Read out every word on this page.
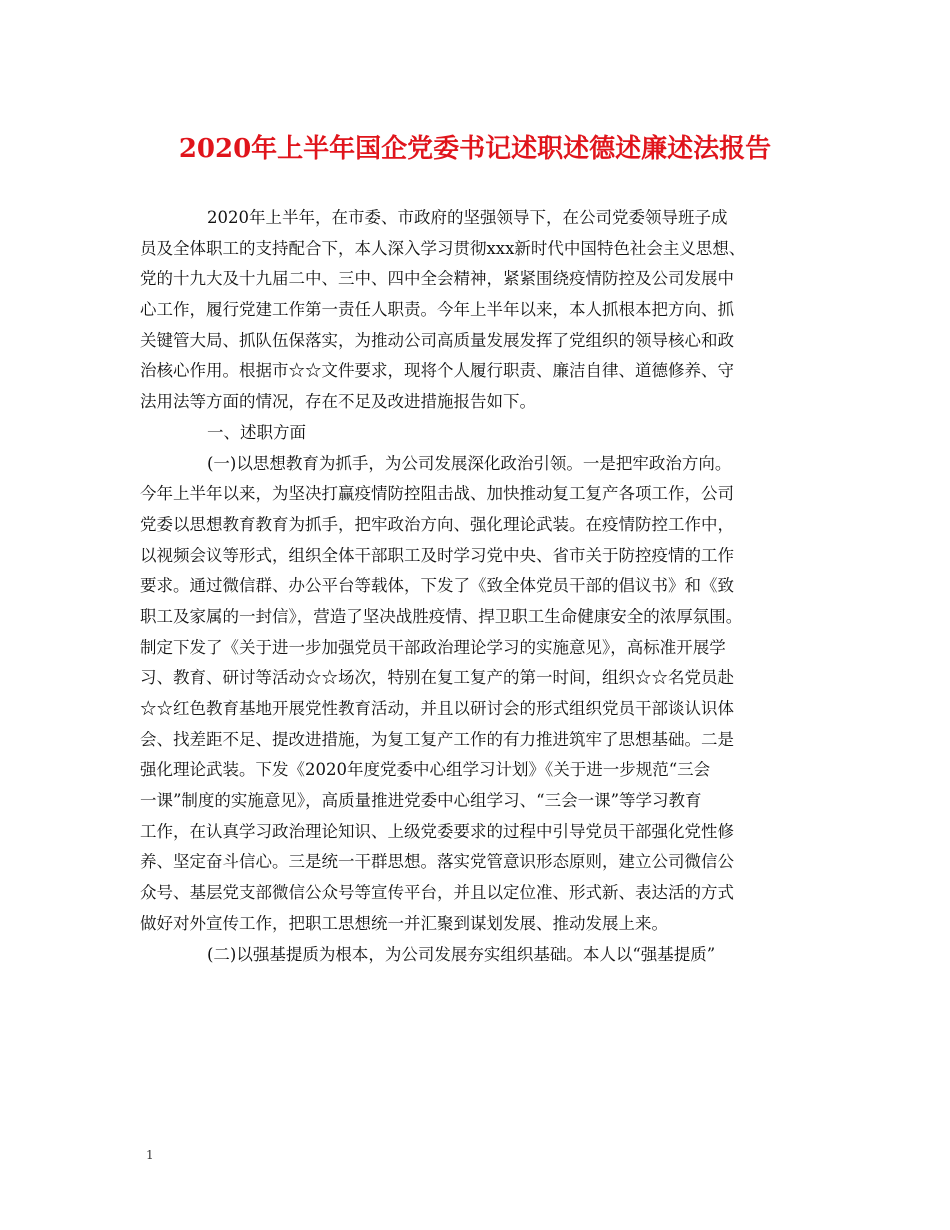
2020年上半年国企党委书记述职述德述廉述法报告
2020年上半年，在市委、市政府的坚强领导下，在公司党委领导班子成
员及全体职工的支持配合下，本人深入学习贯彻xxx新时代中国特色社会主义思想、
党的十九大及十九届二中、三中、四中全会精神，紧紧围绕疫情防控及公司发展中
心工作，履行党建工作第一责任人职责。今年上半年以来，本人抓根本把方向、抓
关键管大局、抓队伍保落实，为推动公司高质量发展发挥了党组织的领导核心和政
治核心作用。根据市☆☆文件要求，现将个人履行职责、廉洁自律、道德修养、守
法用法等方面的情况，存在不足及改进措施报告如下。
一、述职方面
(一)以思想教育为抓手，为公司发展深化政治引领。一是把牢政治方向。
今年上半年以来，为坚决打赢疫情防控阻击战、加快推动复工复产各项工作，公司
党委以思想教育教育为抓手，把牢政治方向、强化理论武装。在疫情防控工作中，
以视频会议等形式，组织全体干部职工及时学习党中央、省市关于防控疫情的工作
要求。通过微信群、办公平台等载体，下发了《致全体党员干部的倡议书》和《致
职工及家属的一封信》，营造了坚决战胜疫情、捍卫职工生命健康安全的浓厚氛围。
制定下发了《关于进一步加强党员干部政治理论学习的实施意见》，高标准开展学
习、教育、研讨等活动☆☆场次，特别在复工复产的第一时间，组织☆☆名党员赴
☆☆红色教育基地开展党性教育活动，并且以研讨会的形式组织党员干部谈认识体
会、找差距不足、提改进措施，为复工复产工作的有力推进筑牢了思想基础。二是
强化理论武装。下发《2020年度党委中心组学习计划》《关于进一步规范“三会
一课”制度的实施意见》，高质量推进党委中心组学习、“三会一课”等学习教育
工作，在认真学习政治理论知识、上级党委要求的过程中引导党员干部强化党性修
养、坚定奋斗信心。三是统一干群思想。落实党管意识形态原则，建立公司微信公
众号、基层党支部微信公众号等宣传平台，并且以定位准、形式新、表达活的方式
做好对外宣传工作，把职工思想统一并汇聚到谋划发展、推动发展上来。
(二)以强基提质为根本，为公司发展夯实组织基础。本人以“强基提质”
1
